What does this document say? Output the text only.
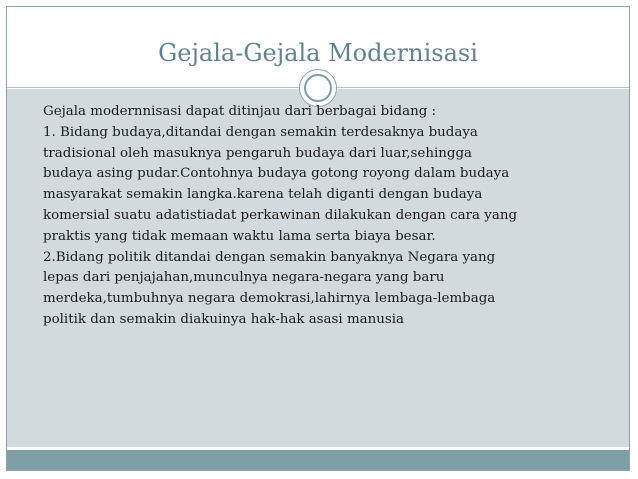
Gejala-Gejala Modernisasi
Gejala modernnisasi dapat ditinjau dari berbagai bidang :
1. Bidang budaya,ditandai dengan semakin terdesaknya budaya
tradisional oleh masuknya pengaruh budaya dari luar,sehingga
budaya asing pudar.Contohnya budaya gotong royong dalam budaya
masyarakat semakin langka.karena telah diganti dengan budaya
komersial suatu adatistiadat perkawinan dilakukan dengan cara yang
praktis yang tidak memaan waktu lama serta biaya besar.
2.Bidang politik ditandai dengan semakin banyaknya Negara yang
lepas dari penjajahan,munculnya negara-negara yang baru
merdeka,tumbuhnya negara demokrasi,lahirnya lembaga-lembaga
politik dan semakin diakuinya hak-hak asasi manusia
